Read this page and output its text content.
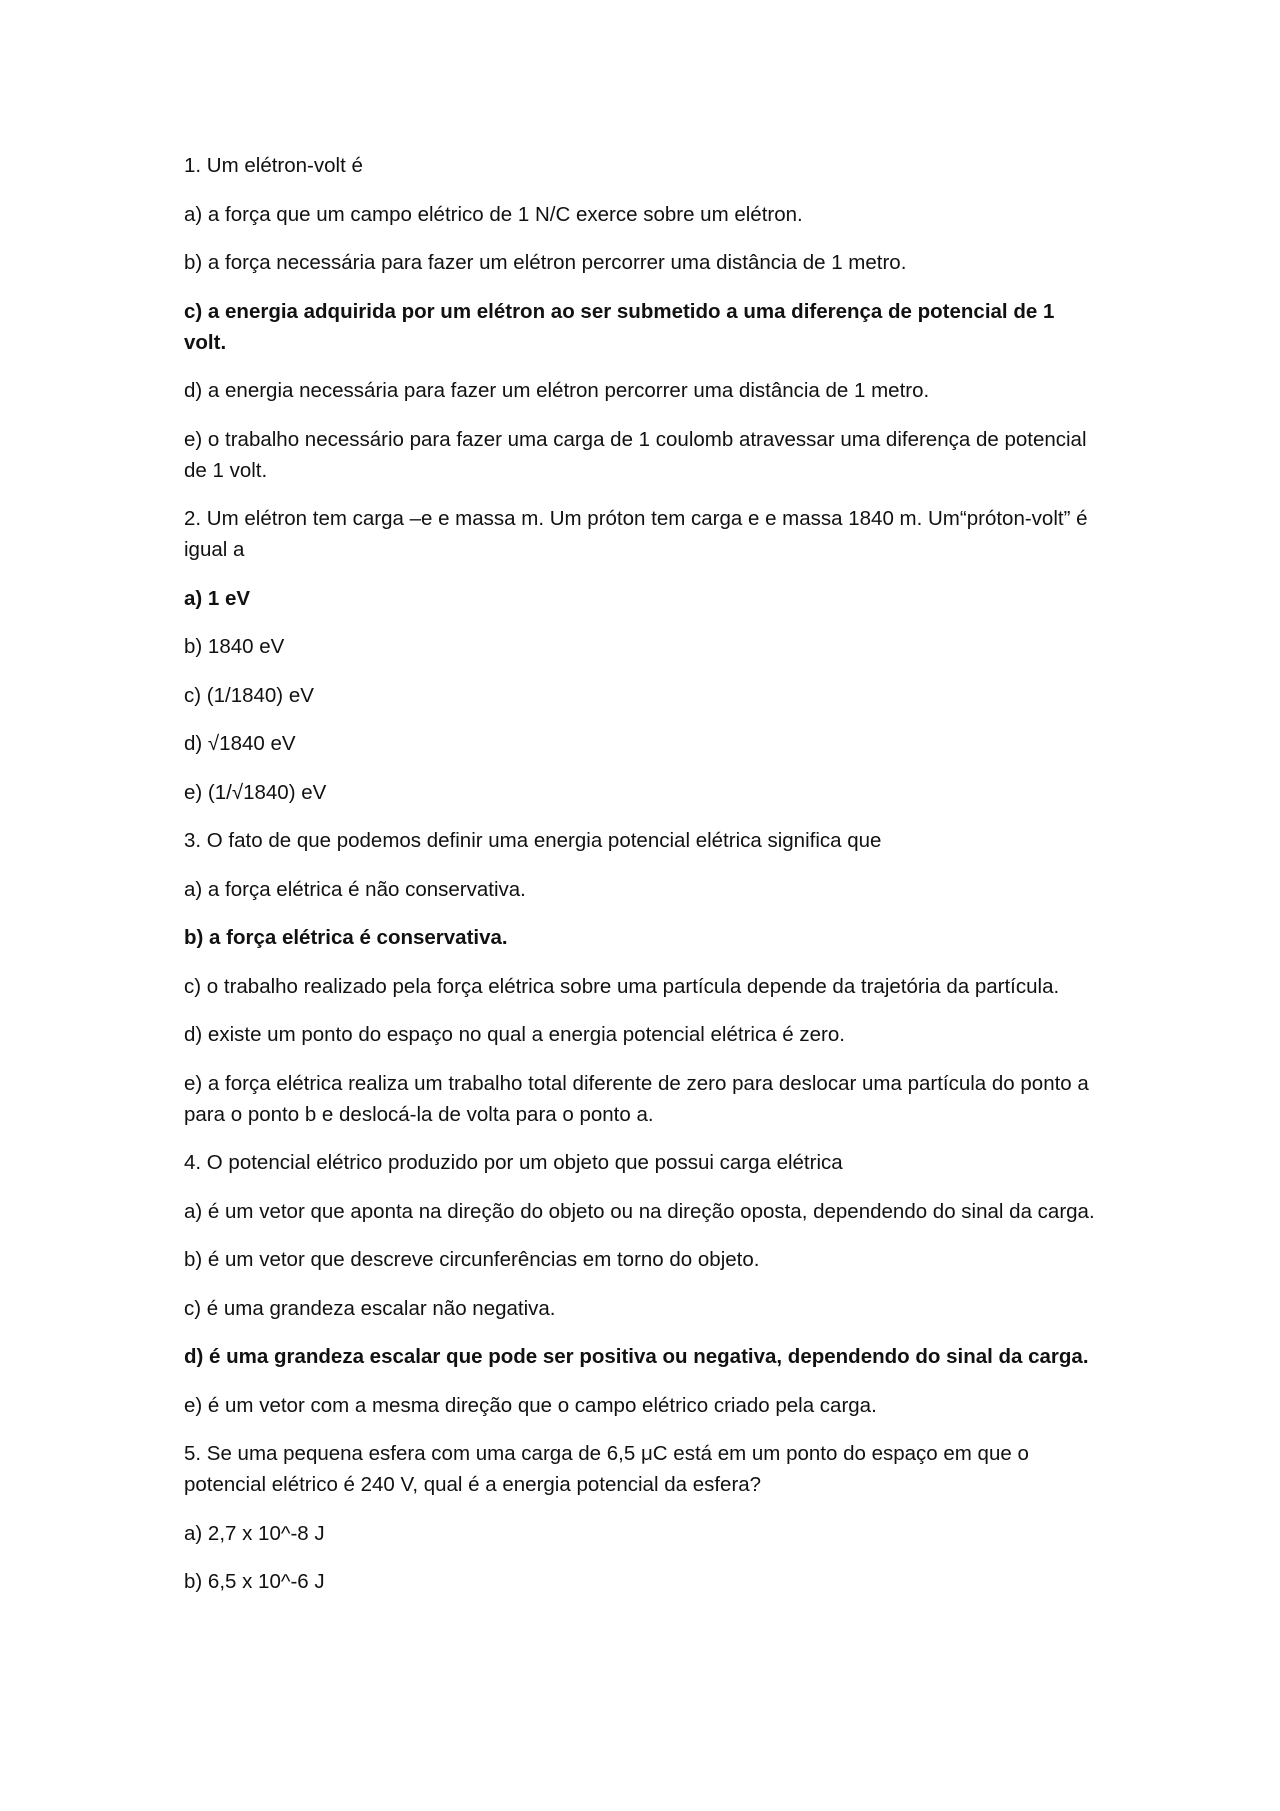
1. Um elétron-volt é

a) a força que um campo elétrico de 1 N/C exerce sobre um elétron.

b) a força necessária para fazer um elétron percorrer uma distância de 1 metro.

c) a energia adquirida por um elétron ao ser submetido a uma diferença de potencial de 1 volt.

d) a energia necessária para fazer um elétron percorrer uma distância de 1 metro.

e) o trabalho necessário para fazer uma carga de 1 coulomb atravessar uma diferença de potencial de 1 volt.

2. Um elétron tem carga –e e massa m. Um próton tem carga e e massa 1840 m. Um“próton-volt” é igual a

a) 1 eV

b) 1840 eV

c) (1/1840) eV

d) √1840 eV

e) (1/√1840) eV

3. O fato de que podemos definir uma energia potencial elétrica significa que

a) a força elétrica é não conservativa.

b) a força elétrica é conservativa.

c) o trabalho realizado pela força elétrica sobre uma partícula depende da trajetória da partícula.

d) existe um ponto do espaço no qual a energia potencial elétrica é zero.

e) a força elétrica realiza um trabalho total diferente de zero para deslocar uma partícula do ponto a para o ponto b e deslocá-la de volta para o ponto a.

4. O potencial elétrico produzido por um objeto que possui carga elétrica

a) é um vetor que aponta na direção do objeto ou na direção oposta, dependendo do sinal da carga.

b) é um vetor que descreve circunferências em torno do objeto.

c) é uma grandeza escalar não negativa.

d) é uma grandeza escalar que pode ser positiva ou negativa, dependendo do sinal da carga.

e) é um vetor com a mesma direção que o campo elétrico criado pela carga.

5. Se uma pequena esfera com uma carga de 6,5 μC está em um ponto do espaço em que o potencial elétrico é 240 V, qual é a energia potencial da esfera?

a) 2,7 x 10^-8 J

b) 6,5 x 10^-6 J
